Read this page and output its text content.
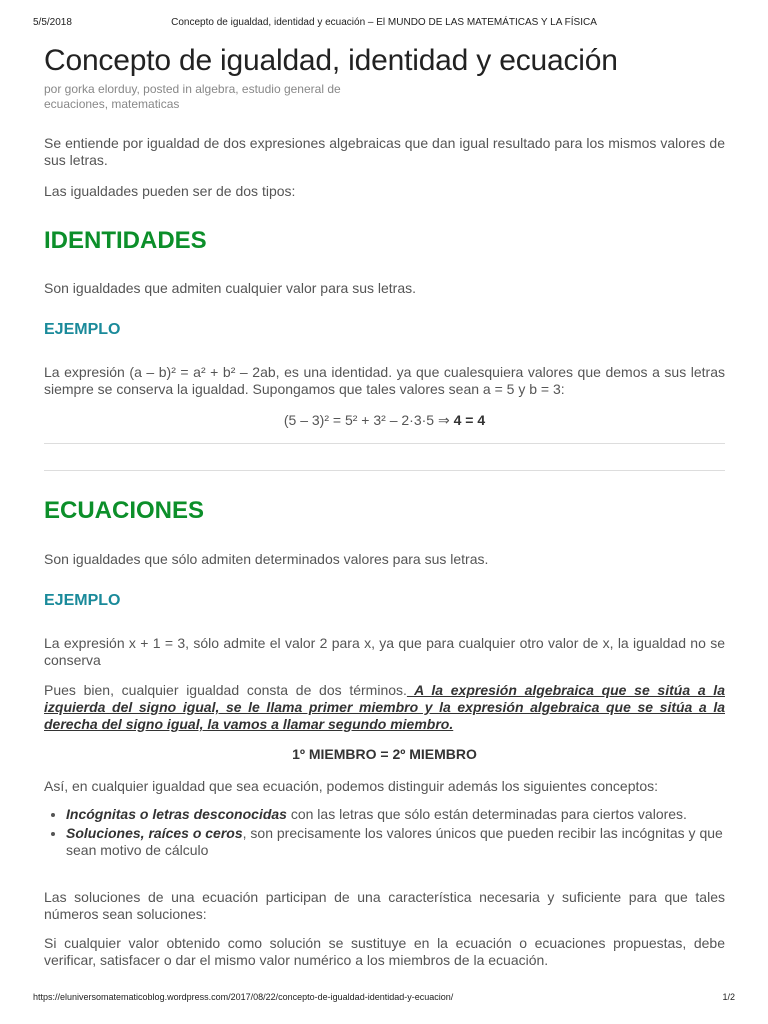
5/5/2018	Concepto de igualdad, identidad y ecuación – El MUNDO DE LAS MATEMÁTICAS Y LA FÍSICA
Concepto de igualdad, identidad y ecuación
por gorka elorduy, posted in algebra, estudio general de ecuaciones, matematicas

Se entiende por igualdad de dos expresiones algebraicas que dan igual resultado para los mismos valores de sus letras.

Las igualdades pueden ser de dos tipos:

IDENTIDADES

Son igualdades que admiten cualquier valor para sus letras.

EJEMPLO

La expresión (a – b)² = a² + b² – 2ab, es una identidad. ya que cualesquiera valores que demos a sus letras siempre se conserva la igualdad. Supongamos que tales valores sean a = 5 y b = 3:

(5 – 3)² = 5² + 3² – 2·3·5 ⇒ 4 = 4

ECUACIONES

Son igualdades que sólo admiten determinados valores para sus letras.

EJEMPLO

La expresión x + 1 = 3, sólo admite el valor 2 para x, ya que para cualquier otro valor de x, la igualdad no se conserva

Pues bien, cualquier igualdad consta de dos términos. A la expresión algebraica que se sitúa a la izquierda del signo igual, se le llama primer miembro y la expresión algebraica que se sitúa a la derecha del signo igual, la vamos a llamar segundo miembro.

1º MIEMBRO = 2º MIEMBRO

Así, en cualquier igualdad que sea ecuación, podemos distinguir además los siguientes conceptos:

• Incógnitas o letras desconocidas con las letras que sólo están determinadas para ciertos valores.
• Soluciones, raíces o ceros, son precisamente los valores únicos que pueden recibir las incógnitas y que sean motivo de cálculo

Las soluciones de una ecuación participan de una característica necesaria y suficiente para que tales números sean soluciones:

Si cualquier valor obtenido como solución se sustituye en la ecuación o ecuaciones propuestas, debe verificar, satisfacer o dar el mismo valor numérico a los miembros de la ecuación.

https://eluniversomatematicoblog.wordpress.com/2017/08/22/concepto-de-igualdad-identidad-y-ecuacion/	1/2
